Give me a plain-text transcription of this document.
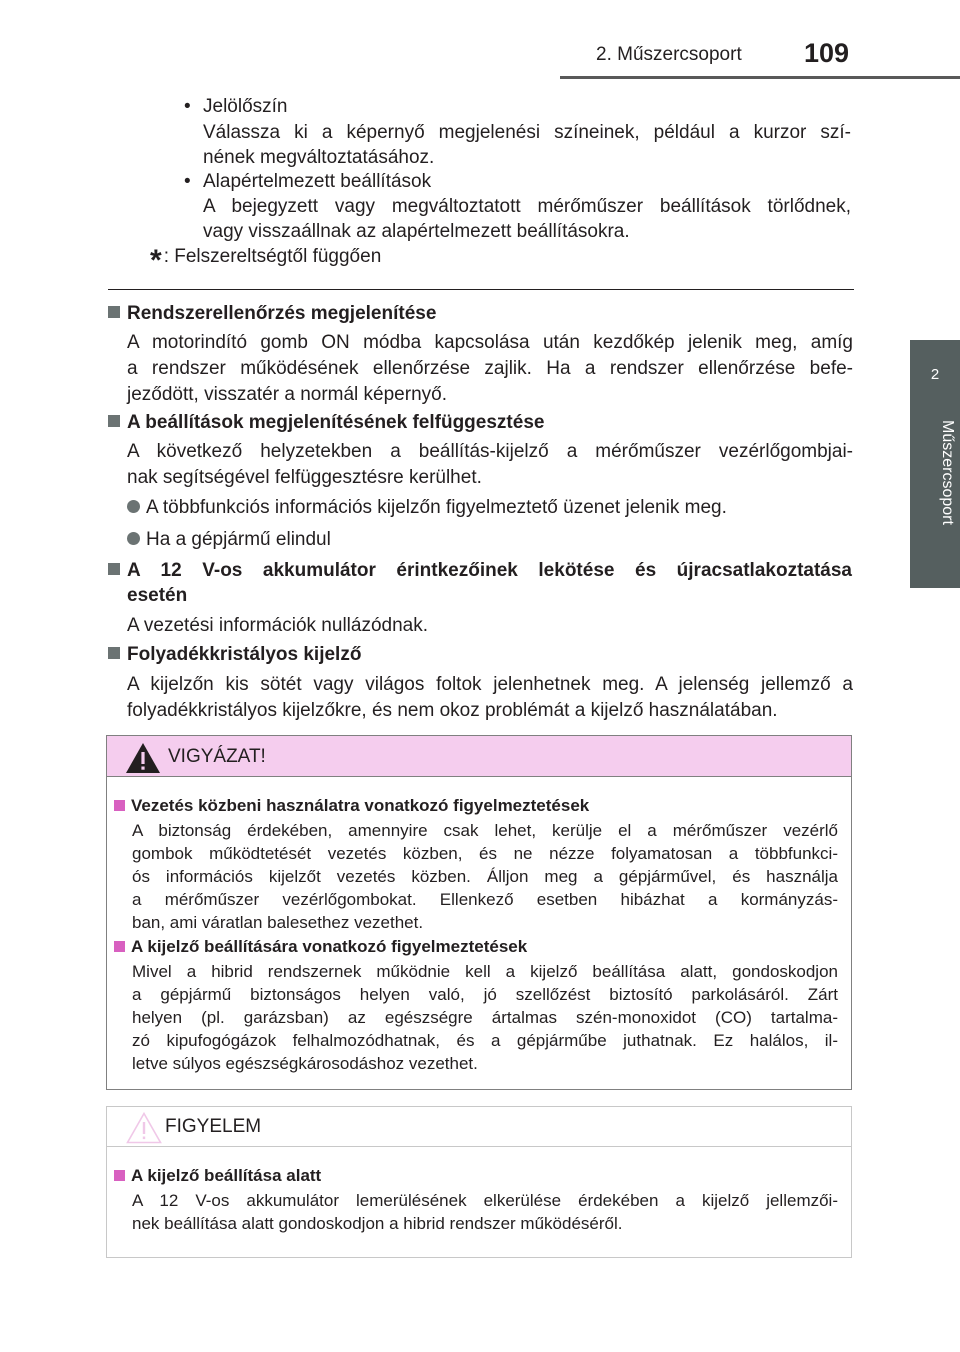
2. Műszercsoport 109
2
Műszercsoport
• Jelölőszín
Válassza ki a képernyő megjelenési színeinek, például a kurzor szí-
nének megváltoztatásához.
• Alapértelmezett beállítások
A bejegyzett vagy megváltoztatott mérőműszer beállítások törlődnek,
vagy visszaállnak az alapértelmezett beállításokra.
* : Felszereltségtől függően
Rendszerellenőrzés megjelenítése
A motorindító gomb ON módba kapcsolása után kezdőkép jelenik meg, amíg
a rendszer működésének ellenőrzése zajlik. Ha a rendszer ellenőrzése befe-
jeződött, visszatér a normál képernyő.
A beállítások megjelenítésének felfüggesztése
A következő helyzetekben a beállítás-kijelző a mérőműszer vezérlőgombjai-
nak segítségével felfüggesztésre kerülhet.
A többfunkciós információs kijelzőn figyelmeztető üzenet jelenik meg.
Ha a gépjármű elindul
A 12 V-os akkumulátor érintkezőinek lekötése és újracsatlakoztatása
esetén
A vezetési információk nullázódnak.
Folyadékkristályos kijelző
A kijelzőn kis sötét vagy világos foltok jelenhetnek meg. A jelenség jellemző a
folyadékkristályos kijelzőkre, és nem okoz problémát a kijelző használatában.
VIGYÁZAT!
Vezetés közbeni használatra vonatkozó figyelmeztetések
A biztonság érdekében, amennyire csak lehet, kerülje el a mérőműszer vezérlő
gombok működtetését vezetés közben, és ne nézze folyamatosan a többfunkci-
ós információs kijelzőt vezetés közben. Álljon meg a gépjárművel, és használja
a mérőműszer vezérlőgombokat. Ellenkező esetben hibázhat a kormányzás-
ban, ami váratlan balesethez vezethet.
A kijelző beállítására vonatkozó figyelmeztetések
Mivel a hibrid rendszernek működnie kell a kijelző beállítása alatt, gondoskodjon
a gépjármű biztonságos helyen való, jó szellőzést biztosító parkolásáról. Zárt
helyen (pl. garázsban) az egészségre ártalmas szén-monoxidot (CO) tartalma-
zó kipufogógázok felhalmozódhatnak, és a gépjárműbe juthatnak. Ez halálos, il-
letve súlyos egészségkárosodáshoz vezethet.
FIGYELEM
A kijelző beállítása alatt
A 12 V-os akkumulátor lemerülésének elkerülése érdekében a kijelző jellemzői-
nek beállítása alatt gondoskodjon a hibrid rendszer működéséről.
